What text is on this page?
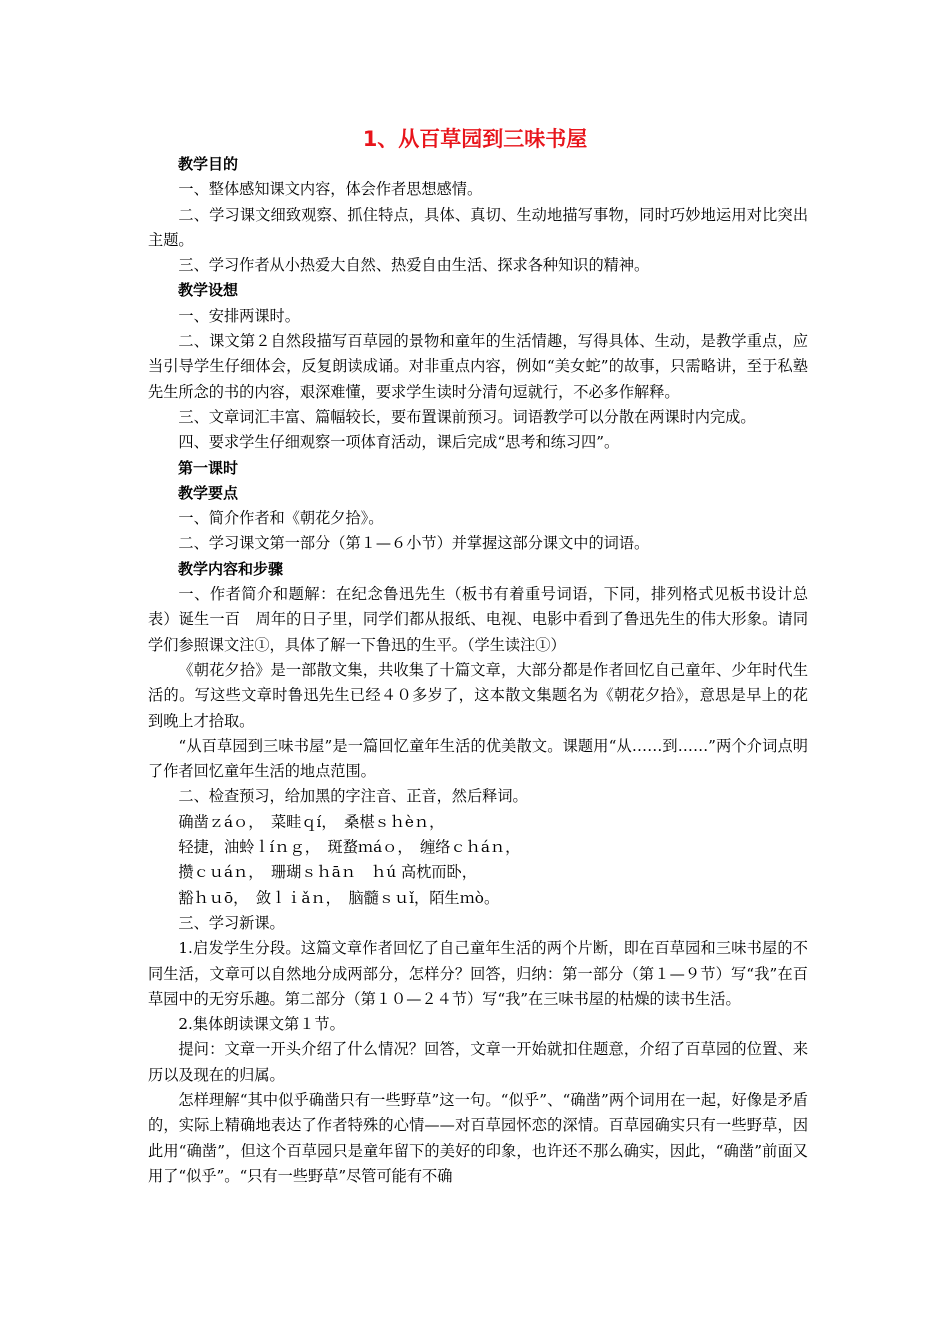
1、从百草园到三味书屋

教学目的

一、整体感知课文内容，体会作者思想感情。

二、学习课文细致观察、抓住特点，具体、真切、生动地描写事物，同时巧妙地运用对比突出主题。

三、学习作者从小热爱大自然、热爱自由生活、探求各种知识的精神。

教学设想

一、安排两课时。

二、课文第２自然段描写百草园的景物和童年的生活情趣，写得具体、生动，是教学重点，应当引导学生仔细体会，反复朗读成诵。对非重点内容，例如“美女蛇”的故事，只需略讲，至于私塾先生所念的书的内容，艰深难懂，要求学生读时分清句逗就行，不必多作解释。

三、文章词汇丰富、篇幅较长，要布置课前预习。词语教学可以分散在两课时内完成。

四、要求学生仔细观察一项体育活动，课后完成“思考和练习四”。

第一课时

教学要点

一、简介作者和《朝花夕拾》。

二、学习课文第一部分（第１—６小节）并掌握这部分课文中的词语。

教学内容和步骤

一、作者简介和题解：在纪念鲁迅先生（板书有着重号词语，下同，排列格式见板书设计总表）诞生一百　周年的日子里，同学们都从报纸、电视、电影中看到了鲁迅先生的伟大形象。请同学们参照课文注①，具体了解一下鲁迅的生平。（学生读注①）

《朝花夕拾》是一部散文集，共收集了十篇文章，大部分都是作者回忆自己童年、少年时代生活的。写这些文章时鲁迅先生已经４０多岁了，这本散文集题名为《朝花夕拾》，意思是早上的花到晚上才拾取。

“从百草园到三味书屋”是一篇回忆童年生活的优美散文。课题用“从……到……”两个介词点明了作者回忆童年生活的地点范围。

二、检查预习，给加黑的字注音、正音，然后释词。

确凿ｚáｏ，　菜畦ｑí，　桑椹ｓｈèｎ，

轻捷，油蛉ｌíｎｇ，　斑蝥ｍáｏ，　缠络ｃｈáｎ，

攒ｃｕáｎ，　珊瑚ｓｈāｎ　ｈú 高枕而卧，

豁ｈｕō，　敛ｌｉǎｎ，　脑髓ｓｕǐ，陌生ｍò。

三、学习新课。

1.启发学生分段。这篇文章作者回忆了自己童年生活的两个片断，即在百草园和三味书屋的不同生活，文章可以自然地分成两部分，怎样分？回答，归纳：第一部分（第１—９节）写“我”在百草园中的无穷乐趣。第二部分（第１０—２４节）写“我”在三味书屋的枯燥的读书生活。

2.集体朗读课文第１节。

提问：文章一开头介绍了什么情况？回答，文章一开始就扣住题意，介绍了百草园的位置、来历以及现在的归属。

怎样理解“其中似乎确凿只有一些野草”这一句。“似乎”、“确凿”两个词用在一起，好像是矛盾的，实际上精确地表达了作者特殊的心情——对百草园怀恋的深情。百草园确实只有一些野草，因此用“确凿”，但这个百草园只是童年留下的美好的印象，也许还不那么确实，因此，“确凿”前面又用了“似乎”。“只有一些野草”尽管可能有不确
